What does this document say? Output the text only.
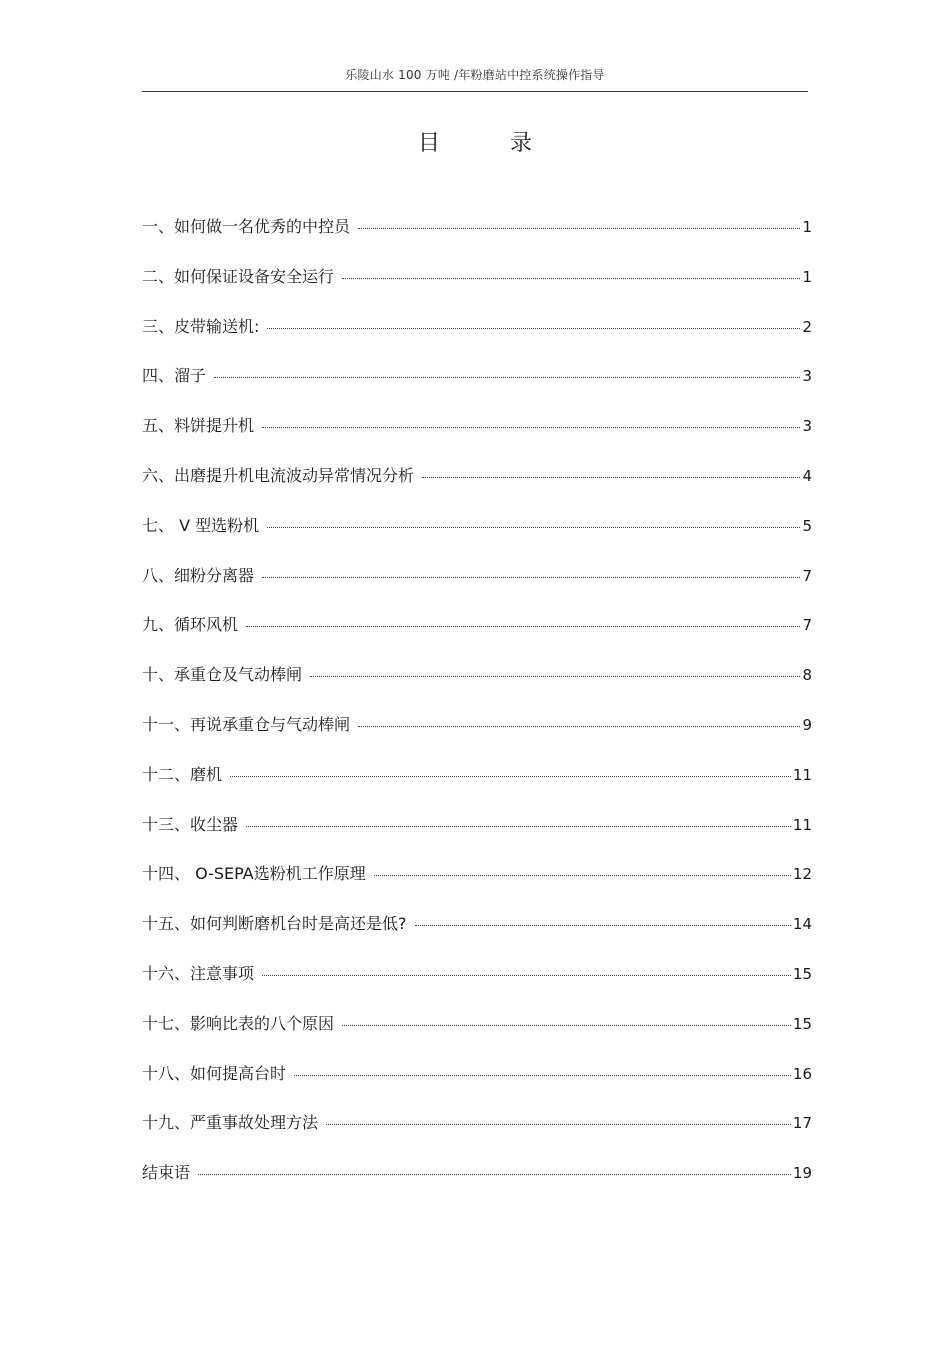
乐陵山水 100 万吨 /年粉磨站中控系统操作指导
目录
一、如何做一名优秀的中控员	1
二、如何保证设备安全运行	1
三、皮带输送机:	2
四、溜子	3
五、料饼提升机	3
六、出磨提升机电流波动异常情况分析	4
七、 V 型选粉机	5
八、细粉分离器	7
九、循环风机	7
十、承重仓及气动棒闸	8
十一、再说承重仓与气动棒闸	9
十二、磨机	11
十三、收尘器	11
十四、 O-SEPA选粉机工作原理	12
十五、如何判断磨机台时是高还是低?	14
十六、注意事项	15
十七、影响比表的八个原因	15
十八、如何提高台时	16
十九、严重事故处理方法	17
结束语	19
